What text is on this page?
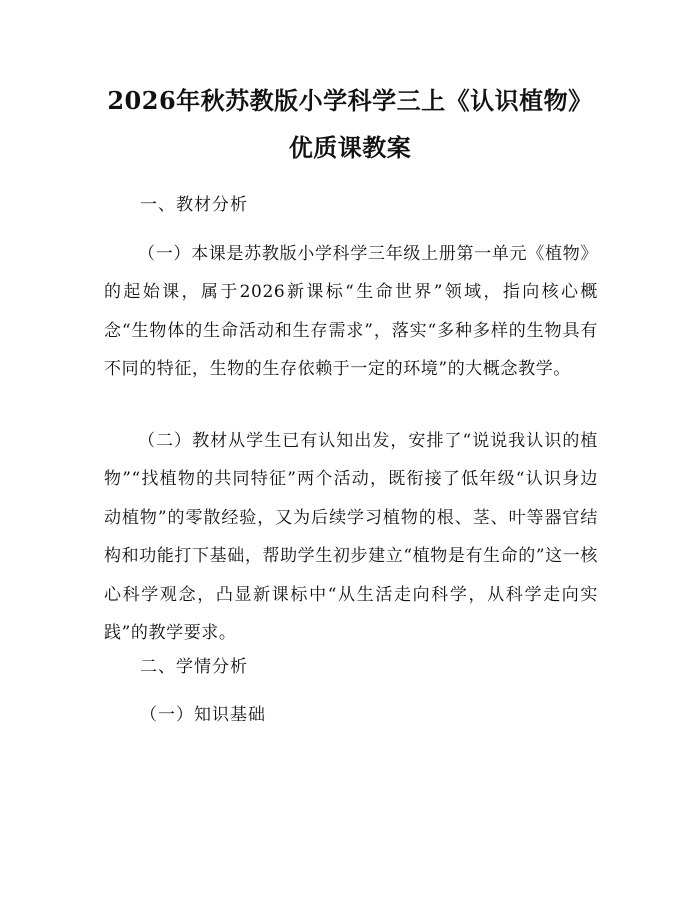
2026年秋苏教版小学科学三上《认识植物》
优质课教案

一、教材分析

（一）本课是苏教版小学科学三年级上册第一单元《植物》的起始课，属于2026新课标“生命世界”领域，指向核心概念“生物体的生命活动和生存需求”，落实“多种多样的生物具有不同的特征，生物的生存依赖于一定的环境”的大概念教学。

（二）教材从学生已有认知出发，安排了“说说我认识的植物”“找植物的共同特征”两个活动，既衔接了低年级“认识身边动植物”的零散经验，又为后续学习植物的根、茎、叶等器官结构和功能打下基础，帮助学生初步建立“植物是有生命的”这一核心科学观念，凸显新课标中“从生活走向科学，从科学走向实践”的教学要求。

二、学情分析

（一）知识基础
